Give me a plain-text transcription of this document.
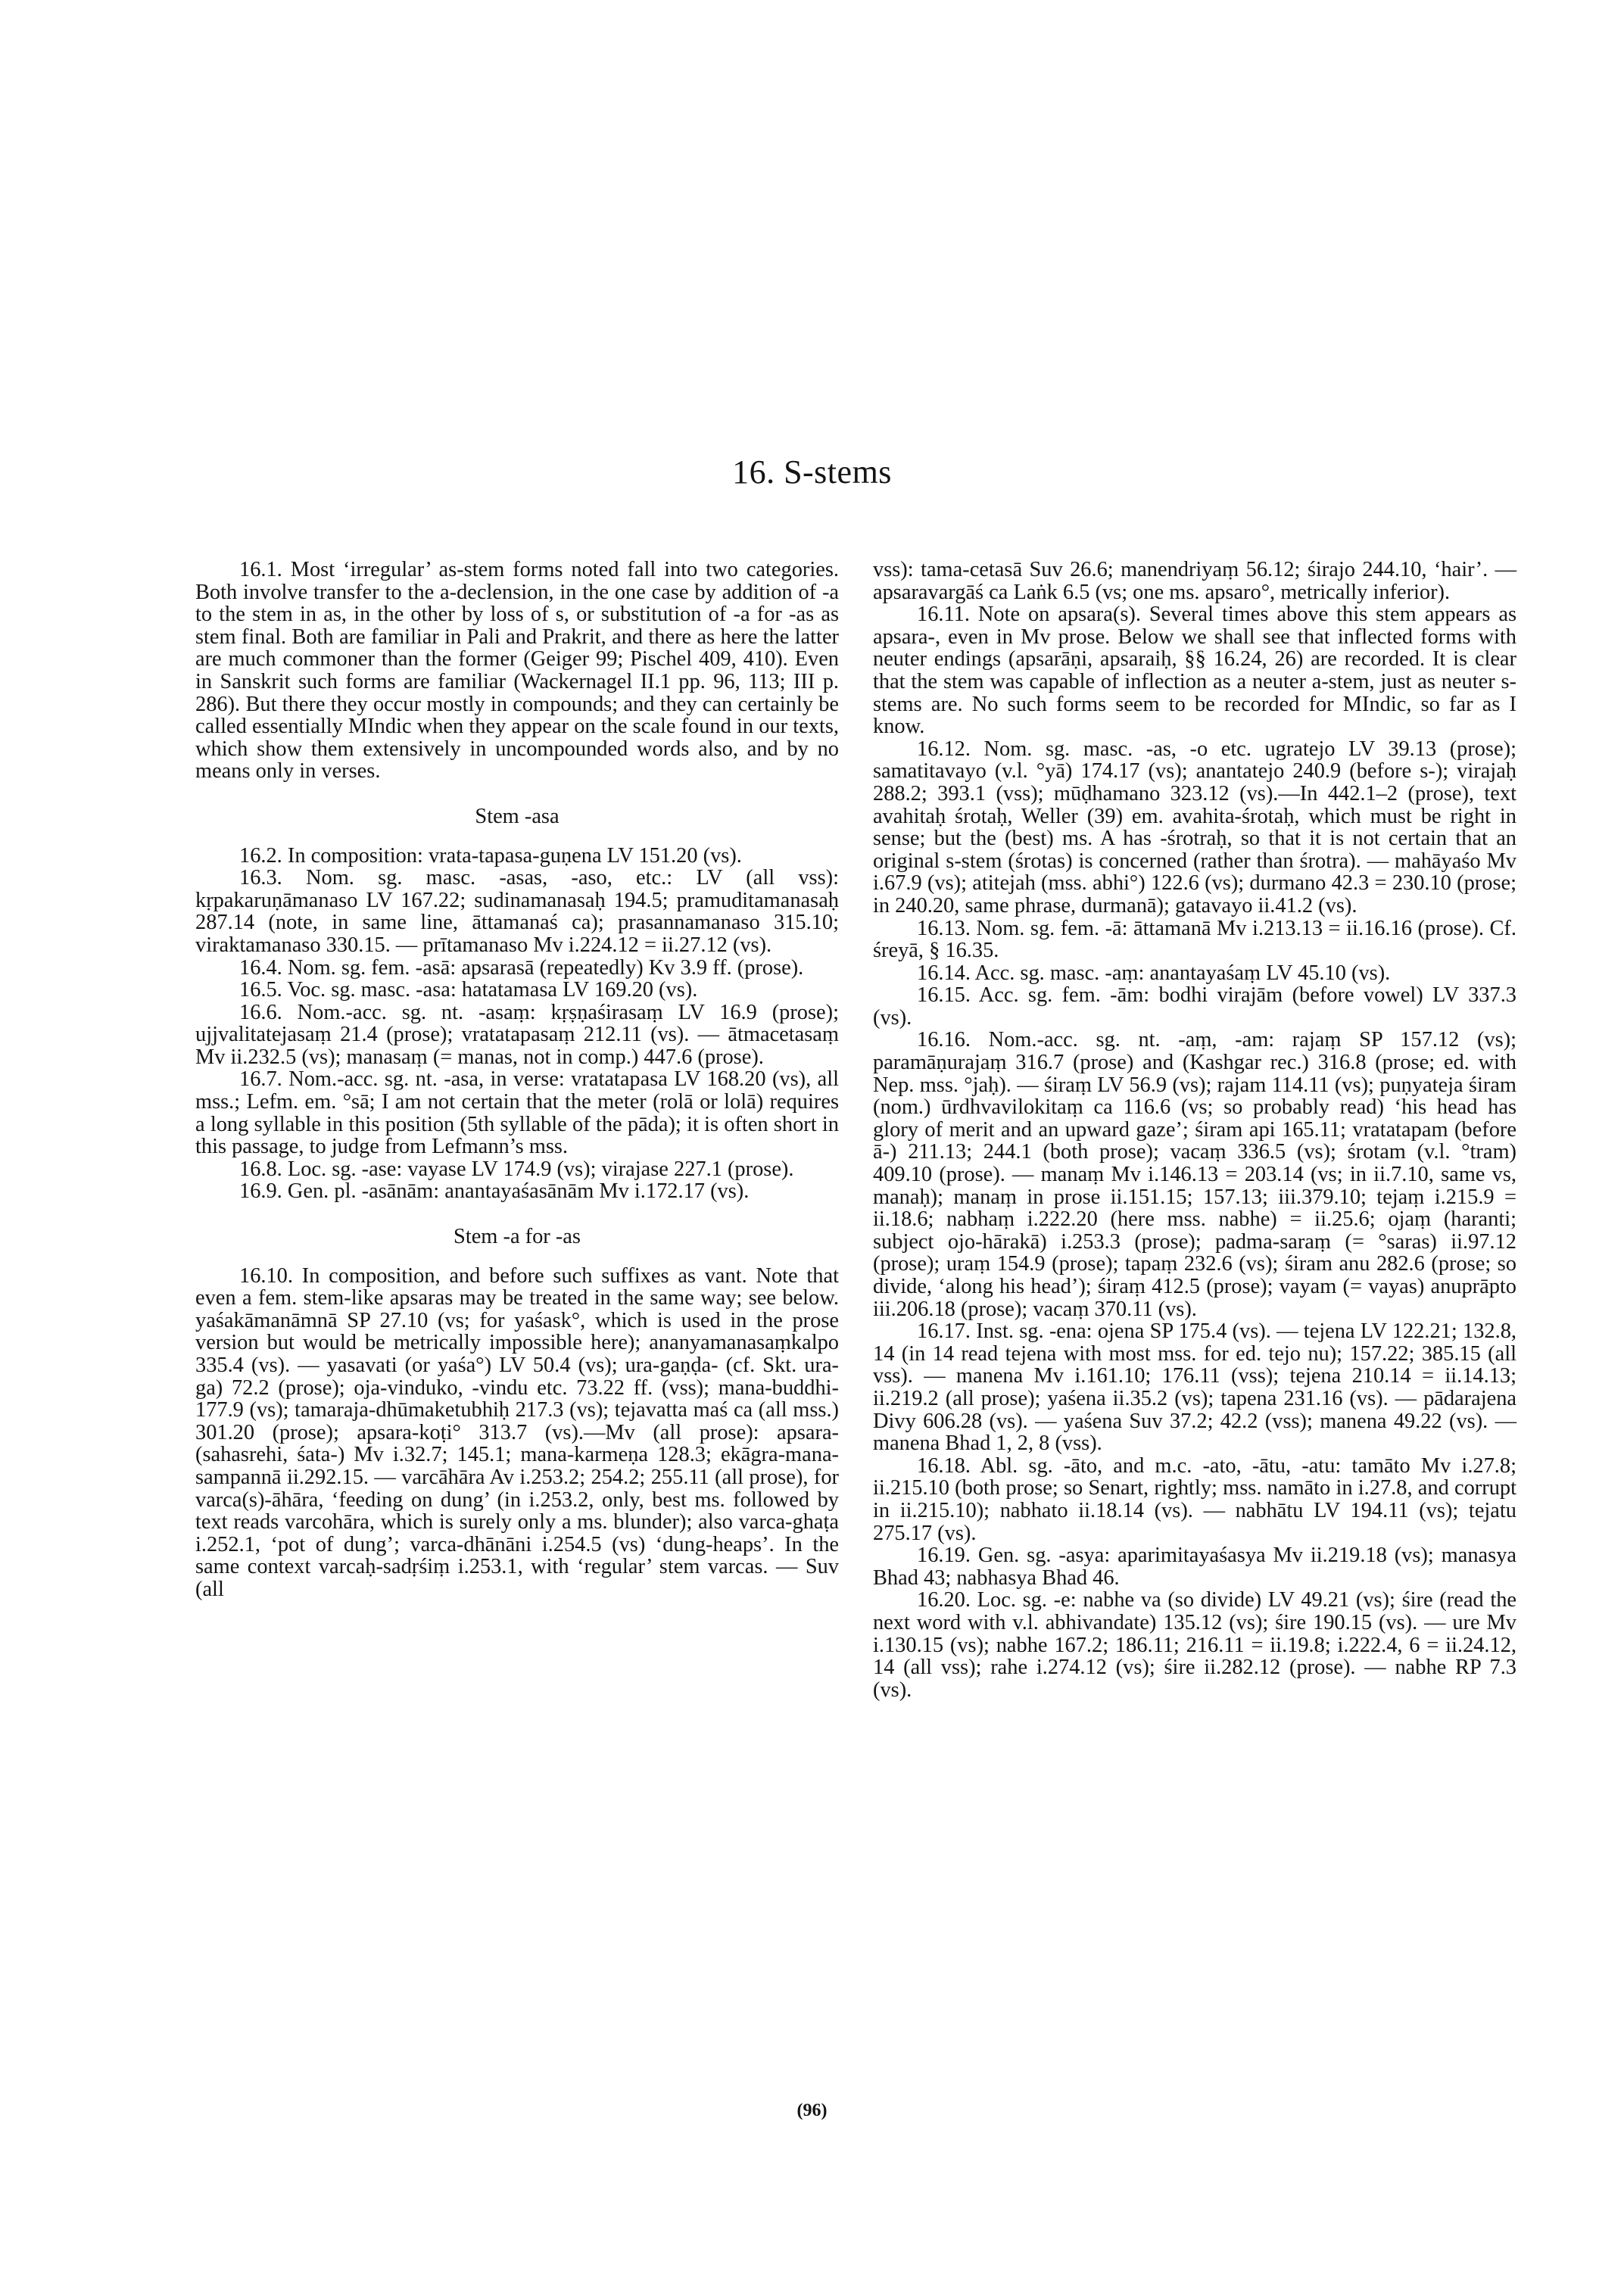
16. S-stems

16.1. Most ‘irregular’ as-stem forms noted fall into two categories. Both involve transfer to the a-declension, in the one case by addition of -a to the stem in as, in the other by loss of s, or substitution of -a for -as as stem final. Both are familiar in Pali and Prakrit, and there as here the latter are much commoner than the former (Geiger 99; Pischel 409, 410). Even in Sanskrit such forms are familiar (Wackernagel II.1 pp. 96, 113; III p. 286). But there they occur mostly in compounds; and they can certainly be called essentially MIndic when they appear on the scale found in our texts, which show them extensively in uncompounded words also, and by no means only in verses.

Stem -asa

16.2. In composition: vrata-tapasa-guṇena LV 151.20 (vs).

16.3. Nom. sg. masc. -asas, -aso, etc.: LV (all vss): kṛpakaruṇāmanaso LV 167.22; sudinamanasaḥ 194.5; pramuditamanasaḥ 287.14 (note, in same line, āttamanaś ca); prasannamanaso 315.10; viraktamanaso 330.15. — prītamanaso Mv i.224.12 = ii.27.12 (vs).

16.4. Nom. sg. fem. -asā: apsarasā (repeatedly) Kv 3.9 ff. (prose).

16.5. Voc. sg. masc. -asa: hatatamasa LV 169.20 (vs).

16.6. Nom.-acc. sg. nt. -asaṃ: kṛṣṇaśirasaṃ LV 16.9 (prose); ujjvalitatejasaṃ 21.4 (prose); vratatapasaṃ 212.11 (vs). — ātmacetasaṃ Mv ii.232.5 (vs); manasaṃ (= manas, not in comp.) 447.6 (prose).

16.7. Nom.-acc. sg. nt. -asa, in verse: vratatapasa LV 168.20 (vs), all mss.; Lefm. em. °sā; I am not certain that the meter (rolā or lolā) requires a long syllable in this position (5th syllable of the pāda); it is often short in this passage, to judge from Lefmann’s mss.

16.8. Loc. sg. -ase: vayase LV 174.9 (vs); virajase 227.1 (prose).

16.9. Gen. pl. -asānām: anantayaśasānām Mv i.172.17 (vs).

Stem -a for -as

16.10. In composition, and before such suffixes as vant. Note that even a fem. stem-like apsaras may be treated in the same way; see below. yaśakāmanāmnā SP 27.10 (vs; for yaśask°, which is used in the prose version but would be metrically impossible here); ananyamanasaṃkalpo 335.4 (vs). — yasavati (or yaśa°) LV 50.4 (vs); ura-gaṇḍa- (cf. Skt. ura-ga) 72.2 (prose); oja-vinduko, -vindu etc. 73.22 ff. (vss); mana-buddhi- 177.9 (vs); tamaraja-dhūmaketubhiḥ 217.3 (vs); tejavatta maś ca (all mss.) 301.20 (prose); apsara-koṭi° 313.7 (vs).—Mv (all prose): apsara-(sahasrehi, śata-) Mv i.32.7; 145.1; mana-karmeṇa 128.3; ekāgra-mana-sampannā ii.292.15. — varcāhāra Av i.253.2; 254.2; 255.11 (all prose), for varca(s)-āhāra, ‘feeding on dung’ (in i.253.2, only, best ms. followed by text reads varcohāra, which is surely only a ms. blunder); also varca-ghaṭa i.252.1, ‘pot of dung’; varca-dhānāni i.254.5 (vs) ‘dung-heaps’. In the same context varcaḥ-sadṛśiṃ i.253.1, with ‘regular’ stem varcas. — Suv (all

vss): tama-cetasā Suv 26.6; manendriyaṃ 56.12; śirajo 244.10, ‘hair’. — apsaravargāś ca Laṅk 6.5 (vs; one ms. apsaro°, metrically inferior).

16.11. Note on apsara(s). Several times above this stem appears as apsara-, even in Mv prose. Below we shall see that inflected forms with neuter endings (apsarāṇi, apsaraiḥ, §§ 16.24, 26) are recorded. It is clear that the stem was capable of inflection as a neuter a-stem, just as neuter s-stems are. No such forms seem to be recorded for MIndic, so far as I know.

16.12. Nom. sg. masc. -as, -o etc. ugratejo LV 39.13 (prose); samatitavayo (v.l. °yā) 174.17 (vs); anantatejo 240.9 (before s-); virajaḥ 288.2; 393.1 (vss); mūḍhamano 323.12 (vs).—In 442.1–2 (prose), text avahitaḥ śrotaḥ, Weller (39) em. avahita-śrotaḥ, which must be right in sense; but the (best) ms. A has -śrotraḥ, so that it is not certain that an original s-stem (śrotas) is concerned (rather than śrotra). — mahāyaśo Mv i.67.9 (vs); atitejah (mss. abhi°) 122.6 (vs); durmano 42.3 = 230.10 (prose; in 240.20, same phrase, durmanā); gatavayo ii.41.2 (vs).

16.13. Nom. sg. fem. -ā: āttamanā Mv i.213.13 = ii.16.16 (prose). Cf. śreyā, § 16.35.

16.14. Acc. sg. masc. -aṃ: anantayaśaṃ LV 45.10 (vs).

16.15. Acc. sg. fem. -ām: bodhi virajām (before vowel) LV 337.3 (vs).

16.16. Nom.-acc. sg. nt. -aṃ, -am: rajaṃ SP 157.12 (vs); paramāṇurajaṃ 316.7 (prose) and (Kashgar rec.) 316.8 (prose; ed. with Nep. mss. °jaḥ). — śiraṃ LV 56.9 (vs); rajam 114.11 (vs); puṇyateja śiram (nom.) ūrdhvavilokitaṃ ca 116.6 (vs; so probably read) ‘his head has glory of merit and an upward gaze’; śiram api 165.11; vratatapam (before ā-) 211.13; 244.1 (both prose); vacaṃ 336.5 (vs); śrotam (v.l. °tram) 409.10 (prose). — manaṃ Mv i.146.13 = 203.14 (vs; in ii.7.10, same vs, manaḥ); manaṃ in prose ii.151.15; 157.13; iii.379.10; tejaṃ i.215.9 = ii.18.6; nabhaṃ i.222.20 (here mss. nabhe) = ii.25.6; ojaṃ (haranti; subject ojo-hārakā) i.253.3 (prose); padma-saraṃ (= °saras) ii.97.12 (prose); uraṃ 154.9 (prose); tapaṃ 232.6 (vs); śiram anu 282.6 (prose; so divide, ‘along his head’); śiraṃ 412.5 (prose); vayam (= vayas) anuprāpto iii.206.18 (prose); vacaṃ 370.11 (vs).

16.17. Inst. sg. -ena: ojena SP 175.4 (vs). — tejena LV 122.21; 132.8, 14 (in 14 read tejena with most mss. for ed. tejo nu); 157.22; 385.15 (all vss). — manena Mv i.161.10; 176.11 (vss); tejena 210.14 = ii.14.13; ii.219.2 (all prose); yaśena ii.35.2 (vs); tapena 231.16 (vs). — pādarajena Divy 606.28 (vs). — yaśena Suv 37.2; 42.2 (vss); manena 49.22 (vs). — manena Bhad 1, 2, 8 (vss).

16.18. Abl. sg. -āto, and m.c. -ato, -ātu, -atu: tamāto Mv i.27.8; ii.215.10 (both prose; so Senart, rightly; mss. namāto in i.27.8, and corrupt in ii.215.10); nabhato ii.18.14 (vs). — nabhātu LV 194.11 (vs); tejatu 275.17 (vs).

16.19. Gen. sg. -asya: aparimitayaśasya Mv ii.219.18 (vs); manasya Bhad 43; nabhasya Bhad 46.

16.20. Loc. sg. -e: nabhe va (so divide) LV 49.21 (vs); śire (read the next word with v.l. abhivandate) 135.12 (vs); śire 190.15 (vs). — ure Mv i.130.15 (vs); nabhe 167.2; 186.11; 216.11 = ii.19.8; i.222.4, 6 = ii.24.12, 14 (all vss); rahe i.274.12 (vs); śire ii.282.12 (prose). — nabhe RP 7.3 (vs).

(96)
